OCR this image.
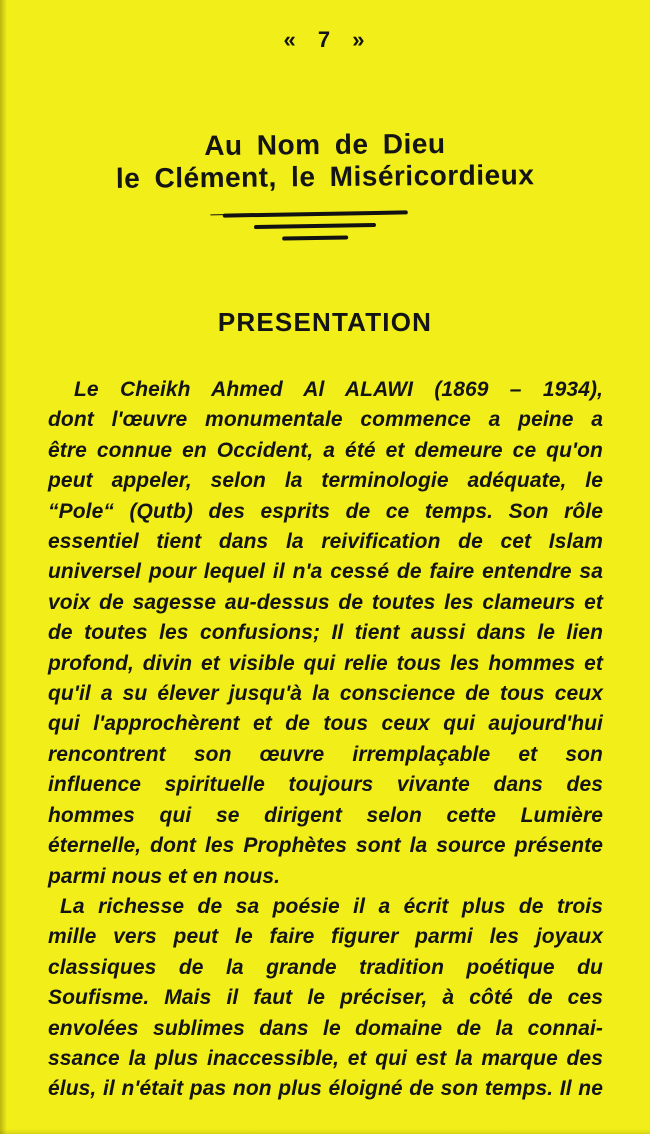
« 7 »
Au Nom de Dieu
le Clément, le Miséricordieux
PRESENTATION
Le Cheikh Ahmed Al ALAWI (1869 – 1934),
dont l'œuvre monumentale commence a peine a
être connue en Occident, a été et demeure ce qu'on
peut appeler, selon la terminologie adéquate, le
“Pole“ (Qutb) des esprits de ce temps. Son rôle
essentiel tient dans la reivification de cet Islam
universel pour lequel il n'a cessé de faire entendre sa
voix de sagesse au-dessus de toutes les clameurs et
de toutes les confusions; Il tient aussi dans le lien
profond, divin et visible qui relie tous les hommes et
qu'il a su élever jusqu'à la conscience de tous ceux
qui l'approchèrent et de tous ceux qui aujourd'hui
rencontrent son œuvre irremplaçable et son
influence spirituelle toujours vivante dans des
hommes qui se dirigent selon cette Lumière
éternelle, dont les Prophètes sont la source présente
parmi nous et en nous.
La richesse de sa poésie il a écrit plus de trois
mille vers peut le faire figurer parmi les joyaux
classiques de la grande tradition poétique du
Soufisme. Mais il faut le préciser, à côté de ces
envolées sublimes dans le domaine de la connai-
ssance la plus inaccessible, et qui est la marque des
élus, il n'était pas non plus éloigné de son temps. Il ne
